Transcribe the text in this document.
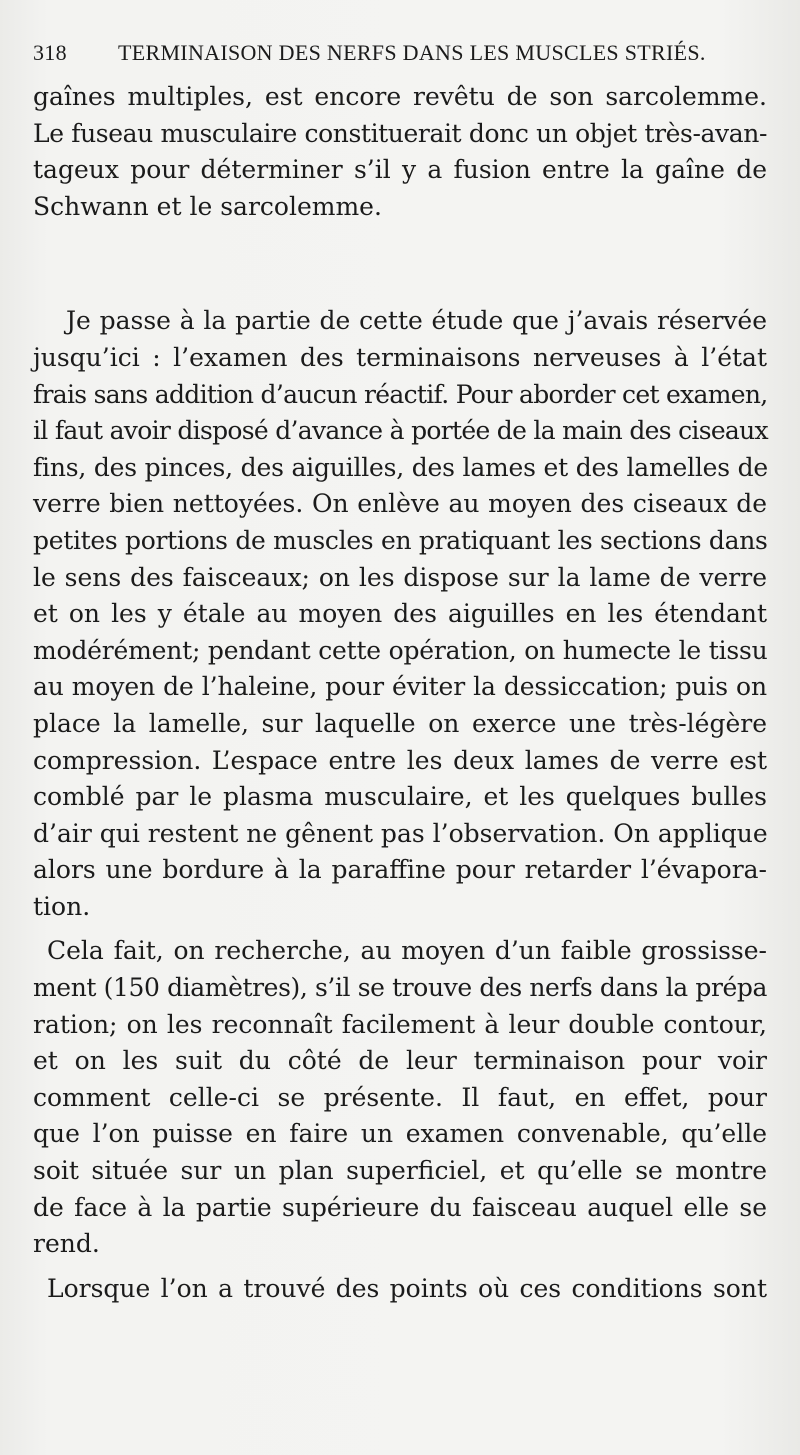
318 TERMINAISON DES NERFS DANS LES MUSCLES STRIÉS.
gaînes multiples, est encore revêtu de son sarcolemme.
Le fuseau musculaire constituerait donc un objet très-avan-
tageux pour déterminer s’il y a fusion entre la gaîne de
Schwann et le sarcolemme.
Je passe à la partie de cette étude que j’avais réservée
jusqu’ici : l’examen des terminaisons nerveuses à l’état
frais sans addition d’aucun réactif. Pour aborder cet examen,
il faut avoir disposé d’avance à portée de la main des ciseaux
fins, des pinces, des aiguilles, des lames et des lamelles de
verre bien nettoyées. On enlève au moyen des ciseaux de
petites portions de muscles en pratiquant les sections dans
le sens des faisceaux; on les dispose sur la lame de verre
et on les y étale au moyen des aiguilles en les étendant
modérément; pendant cette opération, on humecte le tissu
au moyen de l’haleine, pour éviter la dessiccation; puis on
place la lamelle, sur laquelle on exerce une très-légère
compression. L’espace entre les deux lames de verre est
comblé par le plasma musculaire, et les quelques bulles
d’air qui restent ne gênent pas l’observation. On applique
alors une bordure à la paraffine pour retarder l’évapora-
tion.
Cela fait, on recherche, au moyen d’un faible grossisse-
ment (150 diamètres), s’il se trouve des nerfs dans la prépa
ration; on les reconnaît facilement à leur double contour,
et on les suit du côté de leur terminaison pour voir
comment celle-ci se présente. Il faut, en effet, pour
que l’on puisse en faire un examen convenable, qu’elle
soit située sur un plan superficiel, et qu’elle se montre
de face à la partie supérieure du faisceau auquel elle se
rend.
Lorsque l’on a trouvé des points où ces conditions sont
